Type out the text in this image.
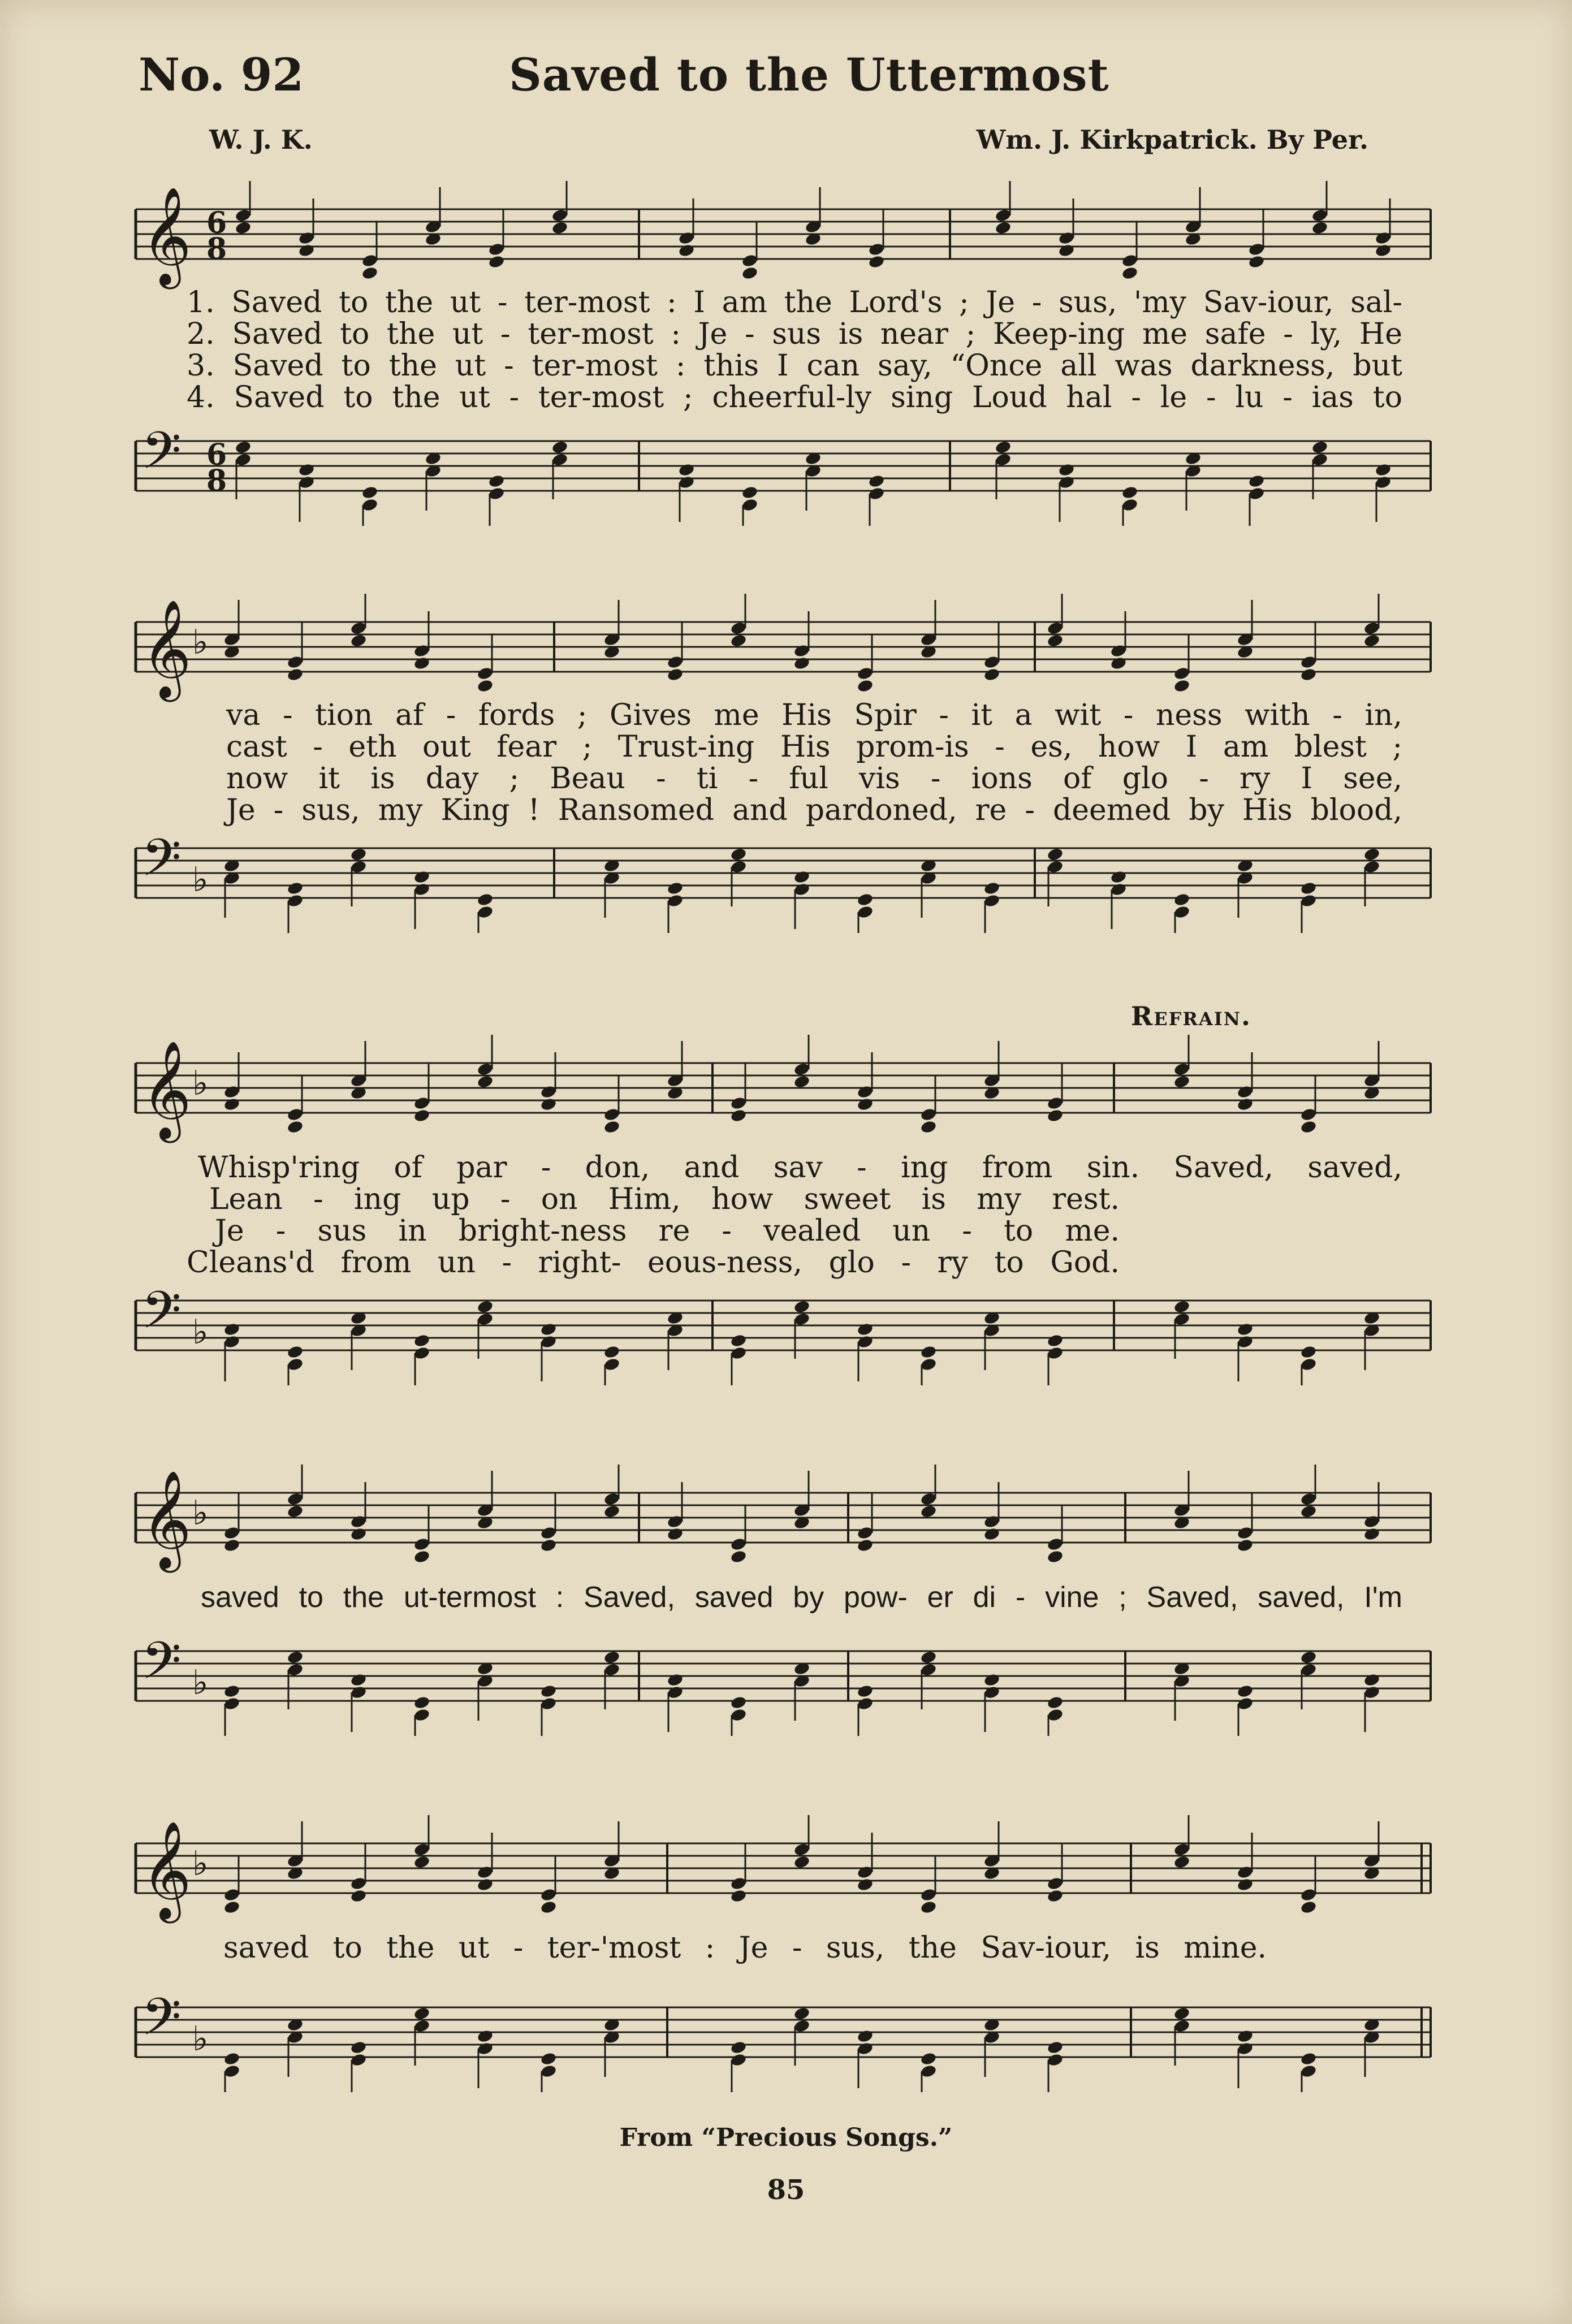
No. 92	Saved to the Uttermost
W. J. K.	Wm. J. Kirkpatrick. By Per.
𝄞 6
8
1. Saved to the ut - ter-most : I am the Lord's ; Je - sus, 'my Sav-iour, sal-
2. Saved to the ut - ter-most : Je - sus is near ; Keep-ing me safe - ly, He
3. Saved to the ut - ter-most : this I can say, “Once all was darkness, but
4. Saved to the ut - ter-most ; cheerful-ly sing Loud hal - le - lu - ias to
𝄢 6
8
𝄞 ♭
va - tion af - fords ; Gives me His Spir - it a wit - ness with - in,
cast - eth out fear ; Trust-ing His prom-is - es, how I am blest ;
now it is day ; Beau - ti - ful vis - ions of glo - ry I see,
Je - sus, my King ! Ransomed and pardoned, re - deemed by His blood,
𝄢 ♭
Refrain.
𝄞 ♭
Whisp'ring of par - don, and sav - ing from sin. Saved, saved,
Lean - ing up - on Him, how sweet is my rest.
Je - sus in bright-ness re - vealed un - to me.
Cleans'd from un - right- eous-ness, glo - ry to God.
𝄢 ♭
𝄞 ♭
saved to the ut-termost : Saved, saved by pow- er di - vine ; Saved, saved, I'm
𝄢 ♭
𝄞 ♭
saved to the ut - ter-'most : Je - sus, the Sav-iour, is mine.
𝄢 ♭
From “Precious Songs.”
85
